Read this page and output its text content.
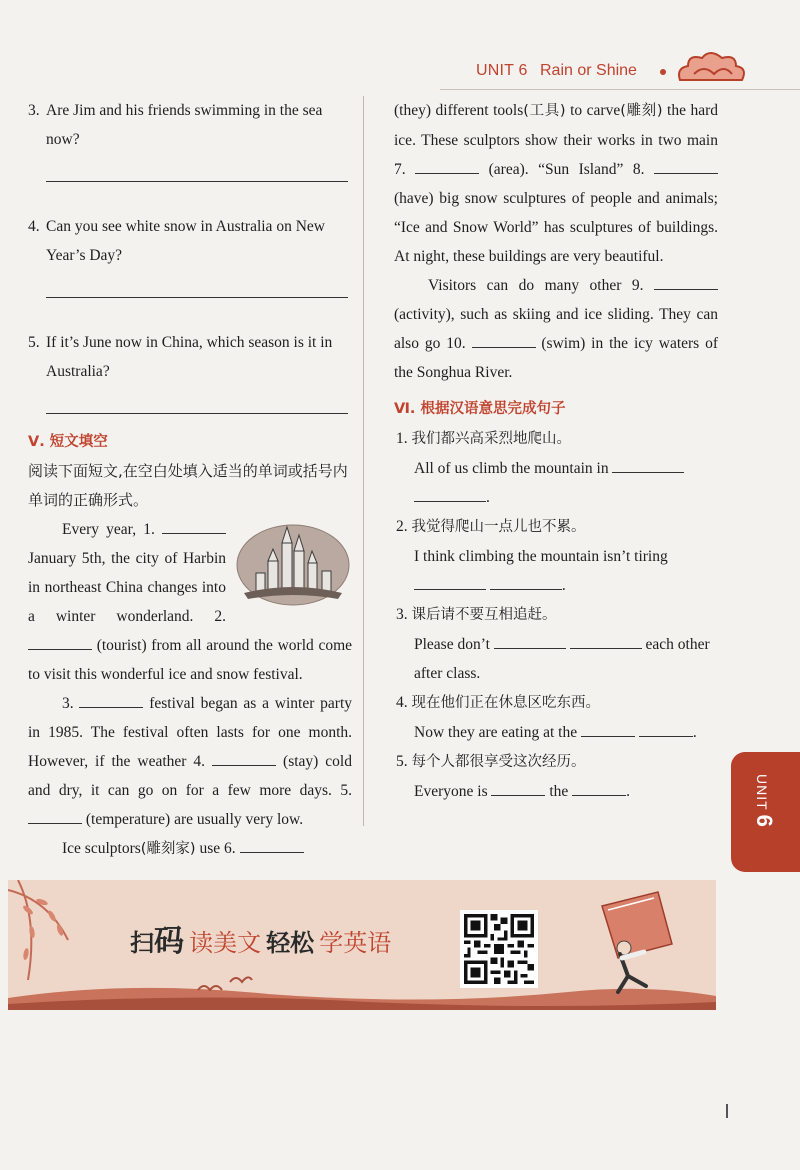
UNIT 6 Rain or Shine
3. Are Jim and his friends swimming in the sea now?
4. Can you see white snow in Australia on New Year’s Day?
5. If it’s June now in China, which season is it in Australia?
Ⅴ. 短文填空
阅读下面短文,在空白处填入适当的单词或括号内单词的正确形式。
Every year, 1.
January 5th, the city of Harbin in northeast China changes into a winter wonderland. 2.  (tourist) from all around the world come to visit this wonderful ice and snow festival.
3.	festival began as a winter party in 1985. The festival often lasts for one month. However, if the weather 4.	(stay) cold and dry, it can go on for a few more days. 5.  (temperature) are usually very low.
Ice sculptors(雕刻家) use 6.
(they) different tools(工具) to carve(雕刻) the hard ice. These sculptors show their works in two main 7.	(area). “Sun Island” 8.  (have) big snow sculptures of people and animals; “Ice and Snow World” has sculptures of buildings. At night, these buildings are very beautiful.
Visitors can do many other 9.  (activity), such as skiing and ice sliding. They can also go 10.	(swim) in the icy waters of the Songhua River.
Ⅵ. 根据汉语意思完成句子
1. 我们都兴高采烈地爬山。
All of us climb the mountain in
.
2. 我觉得爬山一点儿也不累。
I think climbing the mountain isn’t tiring
.
3. 课后请不要互相追赶。
Please don’t	each other after class.
4. 现在他们正在休息区吃东西。
Now they are eating at the	.
5. 每个人都很享受这次经历。
Everyone is	the	.	UNIT6
扫码 读美文 轻松 学英语
